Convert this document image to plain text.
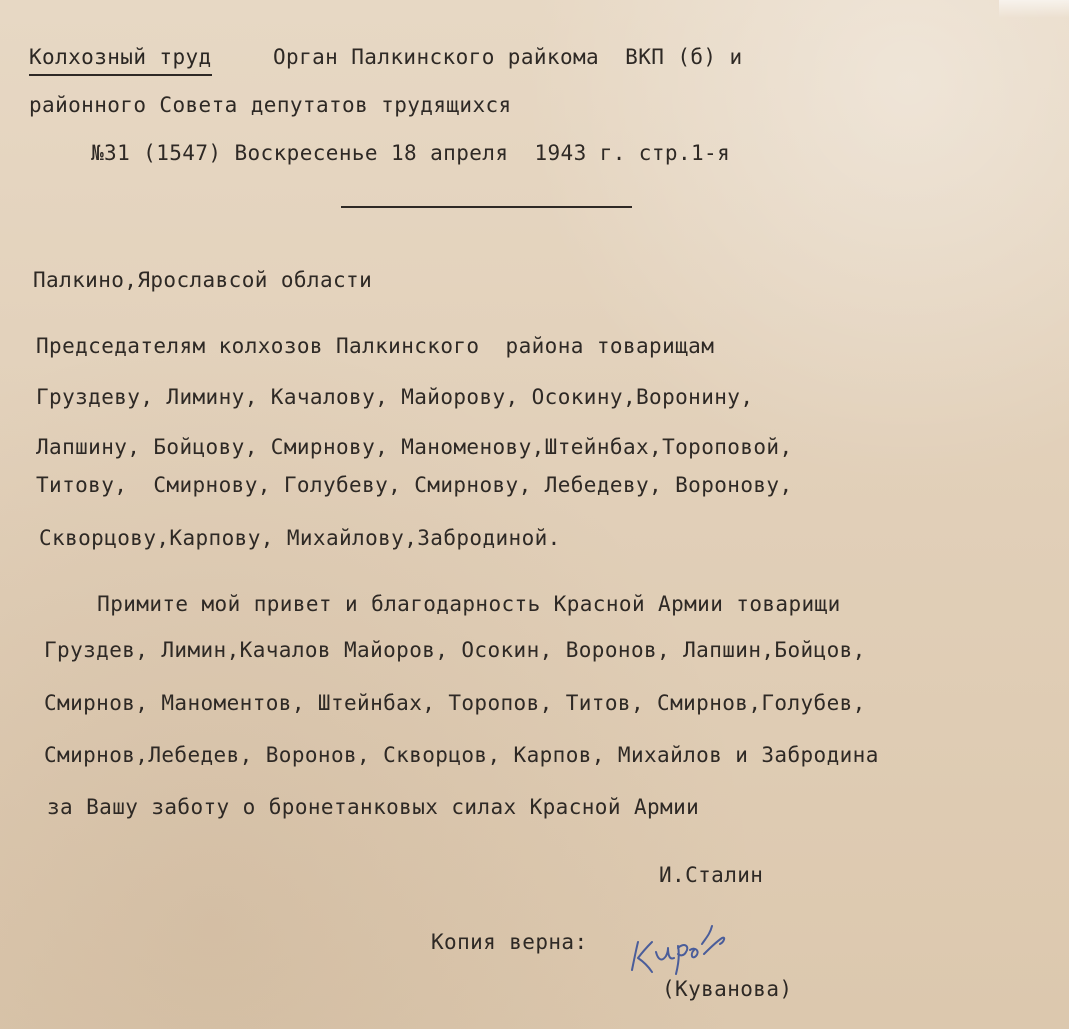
Колхозный труд	Орган Палкинского райкома  ВКП (б) и
районного Совета депутатов трудящихся
№31 (1547) Воскресенье 18 апреля  1943 г. стр.1-я
Палкино,Ярославсой области
Председателям колхозов Палкинского  района товарищам
Груздеву, Лимину, Качалову, Майорову, Осокину,Воронину,
Лапшину, Бойцову, Смирнову, Маноменову,Штейнбах,Тороповой,
Титову,  Смирнову, Голубеву, Смирнову, Лебедеву, Воронову,
Скворцову,Карпову, Михайлову,Забродиной.
Примите мой привет и благодарность Красной Армии товарищи
Груздев, Лимин,Качалов Майоров, Осокин, Воронов, Лапшин,Бойцов,
Смирнов, Маноментов, Штейнбах, Торопов, Титов, Смирнов,Голубев,
Смирнов,Лебедев, Воронов, Скворцов, Карпов, Михайлов и Забродина
за Вашу заботу о бронетанковых силах Красной Армии
И.Сталин
Копия верна:
(Куванова)
